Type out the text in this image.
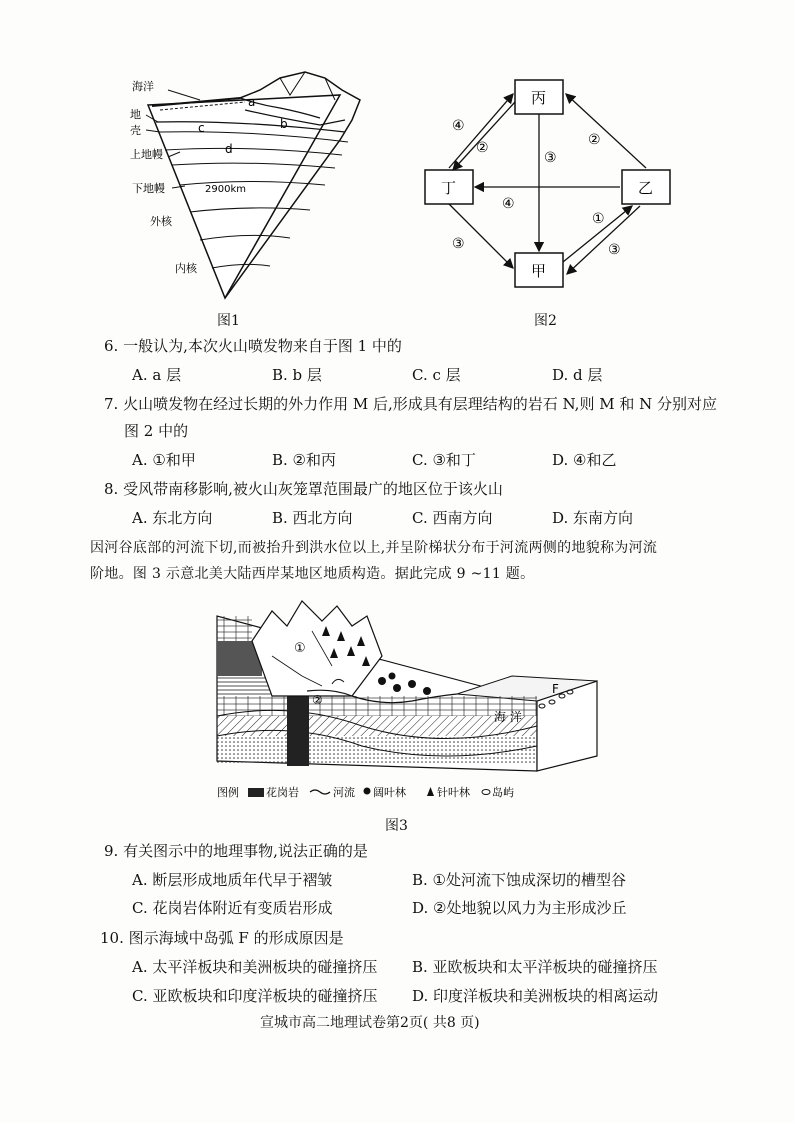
海洋
地
壳
上地幔
下地幔	2900km
外核
内核
a
b
c
d
图1
丙
丁	乙
甲
④
②	②
③
④
①
③	③
图2
6. 一般认为,本次火山喷发物来自于图 1 中的
A. a 层	B. b 层	C. c 层	D. d 层
7. 火山喷发物在经过长期的外力作用 M 后,形成具有层理结构的岩石 N,则 M 和 N 分别对应
图 2 中的
A. ①和甲	B. ②和丙	C. ③和丁	D. ④和乙
8. 受风带南移影响,被火山灰笼罩范围最广的地区位于该火山
A. 东北方向	B. 西北方向	C. 西南方向	D. 东南方向
因河谷底部的河流下切,而被抬升到洪水位以上,并呈阶梯状分布于河流两侧的地貌称为河流
阶地。图 3 示意北美大陆西岸某地区地质构造。据此完成 9 ~11 题。
①
②
海 洋
F
图例 花岗岩	河流 阔叶林	针叶林 岛屿
图3
9. 有关图示中的地理事物,说法正确的是
A. 断层形成地质年代早于褶皱	B. ①处河流下蚀成深切的槽型谷
C. 花岗岩体附近有变质岩形成	D. ②处地貌以风力为主形成沙丘
10. 图示海域中岛弧 F 的形成原因是
A. 太平洋板块和美洲板块的碰撞挤压 B. 亚欧板块和太平洋板块的碰撞挤压
C. 亚欧板块和印度洋板块的碰撞挤压 D. 印度洋板块和美洲板块的相离运动
宣城市高二地理试卷第2页( 共8 页)
